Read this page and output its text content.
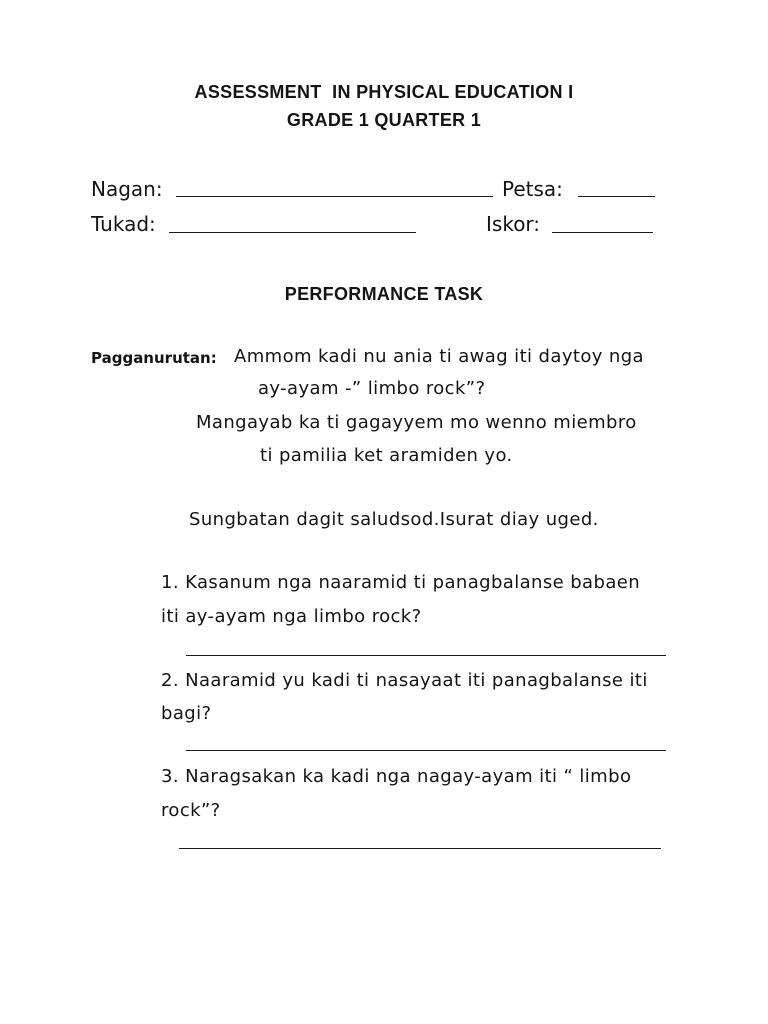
ASSESSMENT  IN PHYSICAL EDUCATION I
GRADE 1 QUARTER 1
Nagan:	Petsa:
Tukad:	Iskor:
PERFORMANCE TASK
Pagganurutan: Ammom kadi nu ania ti awag iti daytoy nga
ay-ayam -” limbo rock”?
Mangayab ka ti gagayyem mo wenno miembro
ti pamilia ket aramiden yo.
Sungbatan dagit saludsod.Isurat diay uged.
1. Kasanum nga naaramid ti panagbalanse babaen
iti ay-ayam nga limbo rock?
2. Naaramid yu kadi ti nasayaat iti panagbalanse iti
bagi?
3. Naragsakan ka kadi nga nagay-ayam iti “ limbo
rock”?
